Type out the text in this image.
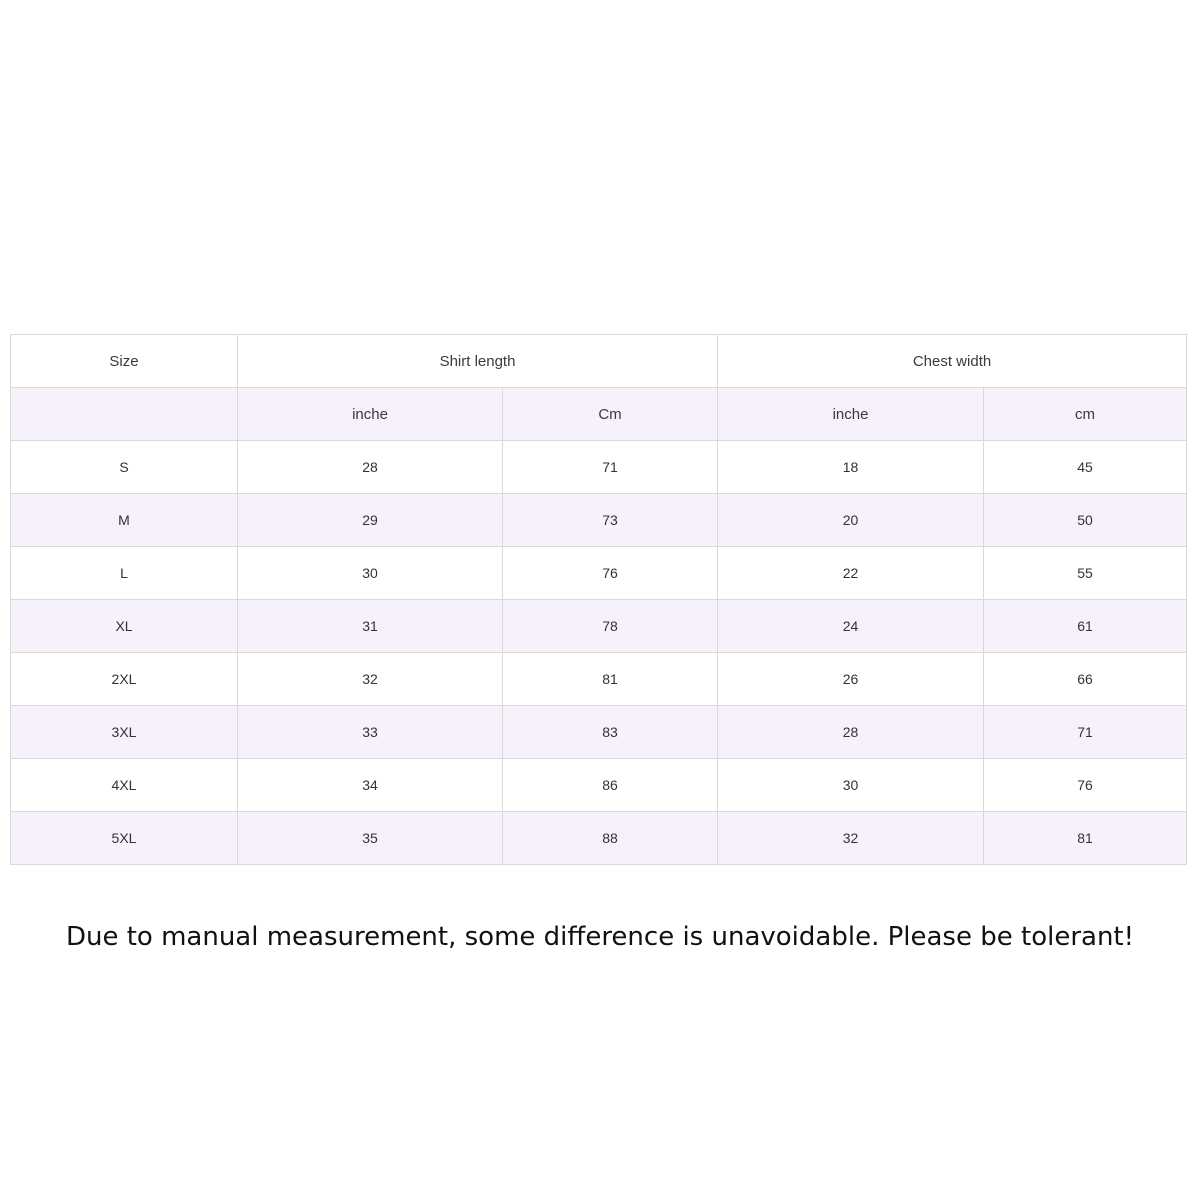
Size	Shirt length		Chest width	
	inche	Cm	inche	cm
S	28	71	18	45
M	29	73	20	50
L	30	76	22	55
XL	31	78	24	61
2XL	32	81	26	66
3XL	33	83	28	71
4XL	34	86	30	76
5XL	35	88	32	81

Due to manual measurement, some difference is unavoidable. Please be tolerant!
